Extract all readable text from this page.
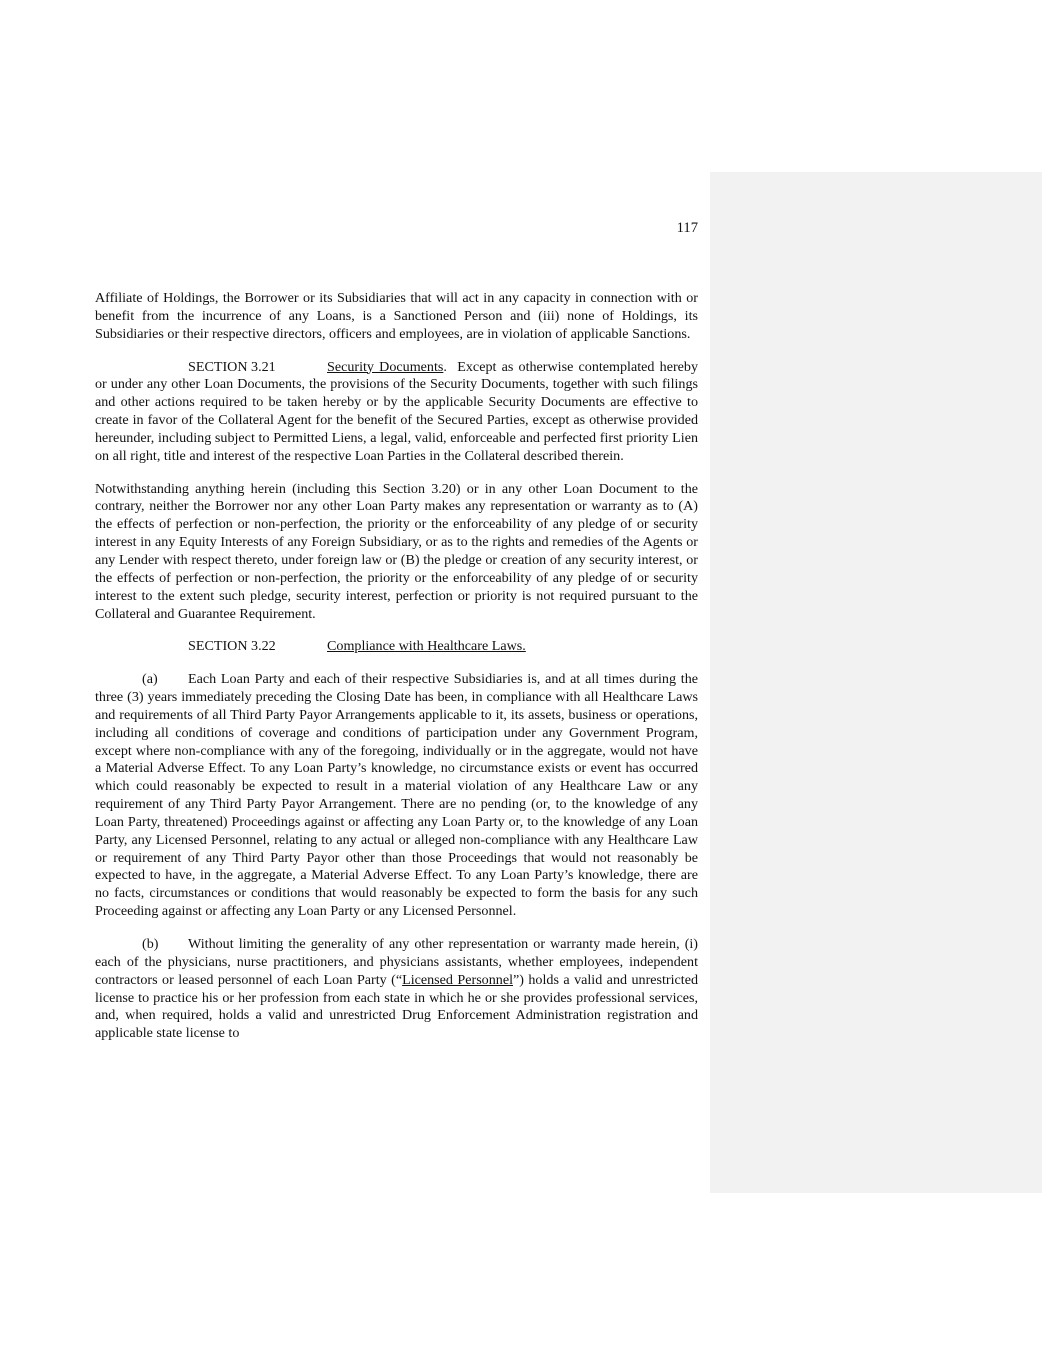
117

Affiliate of Holdings, the Borrower or its Subsidiaries that will act in any capacity in connection with or benefit from the incurrence of any Loans, is a Sanctioned Person and (iii) none of Holdings, its Subsidiaries or their respective directors, officers and employees, are in violation of applicable Sanctions.

SECTION 3.21	Security Documents. Except as otherwise contemplated hereby or under any other Loan Documents, the provisions of the Security Documents, together with such filings and other actions required to be taken hereby or by the applicable Security Documents are effective to create in favor of the Collateral Agent for the benefit of the Secured Parties, except as otherwise provided hereunder, including subject to Permitted Liens, a legal, valid, enforceable and perfected first priority Lien on all right, title and interest of the respective Loan Parties in the Collateral described therein.

Notwithstanding anything herein (including this Section 3.20) or in any other Loan Document to the contrary, neither the Borrower nor any other Loan Party makes any representation or warranty as to (A) the effects of perfection or non-perfection, the priority or the enforceability of any pledge of or security interest in any Equity Interests of any Foreign Subsidiary, or as to the rights and remedies of the Agents or any Lender with respect thereto, under foreign law or (B) the pledge or creation of any security interest, or the effects of perfection or non-perfection, the priority or the enforceability of any pledge of or security interest to the extent such pledge, security interest, perfection or priority is not required pursuant to the Collateral and Guarantee Requirement.

SECTION 3.22	Compliance with Healthcare Laws.

(a) Each Loan Party and each of their respective Subsidiaries is, and at all times during the three (3) years immediately preceding the Closing Date has been, in compliance with all Healthcare Laws and requirements of all Third Party Payor Arrangements applicable to it, its assets, business or operations, including all conditions of coverage and conditions of participation under any Government Program, except where non-compliance with any of the foregoing, individually or in the aggregate, would not have a Material Adverse Effect. To any Loan Party’s knowledge, no circumstance exists or event has occurred which could reasonably be expected to result in a material violation of any Healthcare Law or any requirement of any Third Party Payor Arrangement. There are no pending (or, to the knowledge of any Loan Party, threatened) Proceedings against or affecting any Loan Party or, to the knowledge of any Loan Party, any Licensed Personnel, relating to any actual or alleged non-compliance with any Healthcare Law or requirement of any Third Party Payor other than those Proceedings that would not reasonably be expected to have, in the aggregate, a Material Adverse Effect. To any Loan Party’s knowledge, there are no facts, circumstances or conditions that would reasonably be expected to form the basis for any such Proceeding against or affecting any Loan Party or any Licensed Personnel.

(b) Without limiting the generality of any other representation or warranty made herein, (i) each of the physicians, nurse practitioners, and physicians assistants, whether employees, independent contractors or leased personnel of each Loan Party (“Licensed Personnel”) holds a valid and unrestricted license to practice his or her profession from each state in which he or she provides professional services, and, when required, holds a valid and unrestricted Drug Enforcement Administration registration and applicable state license to
